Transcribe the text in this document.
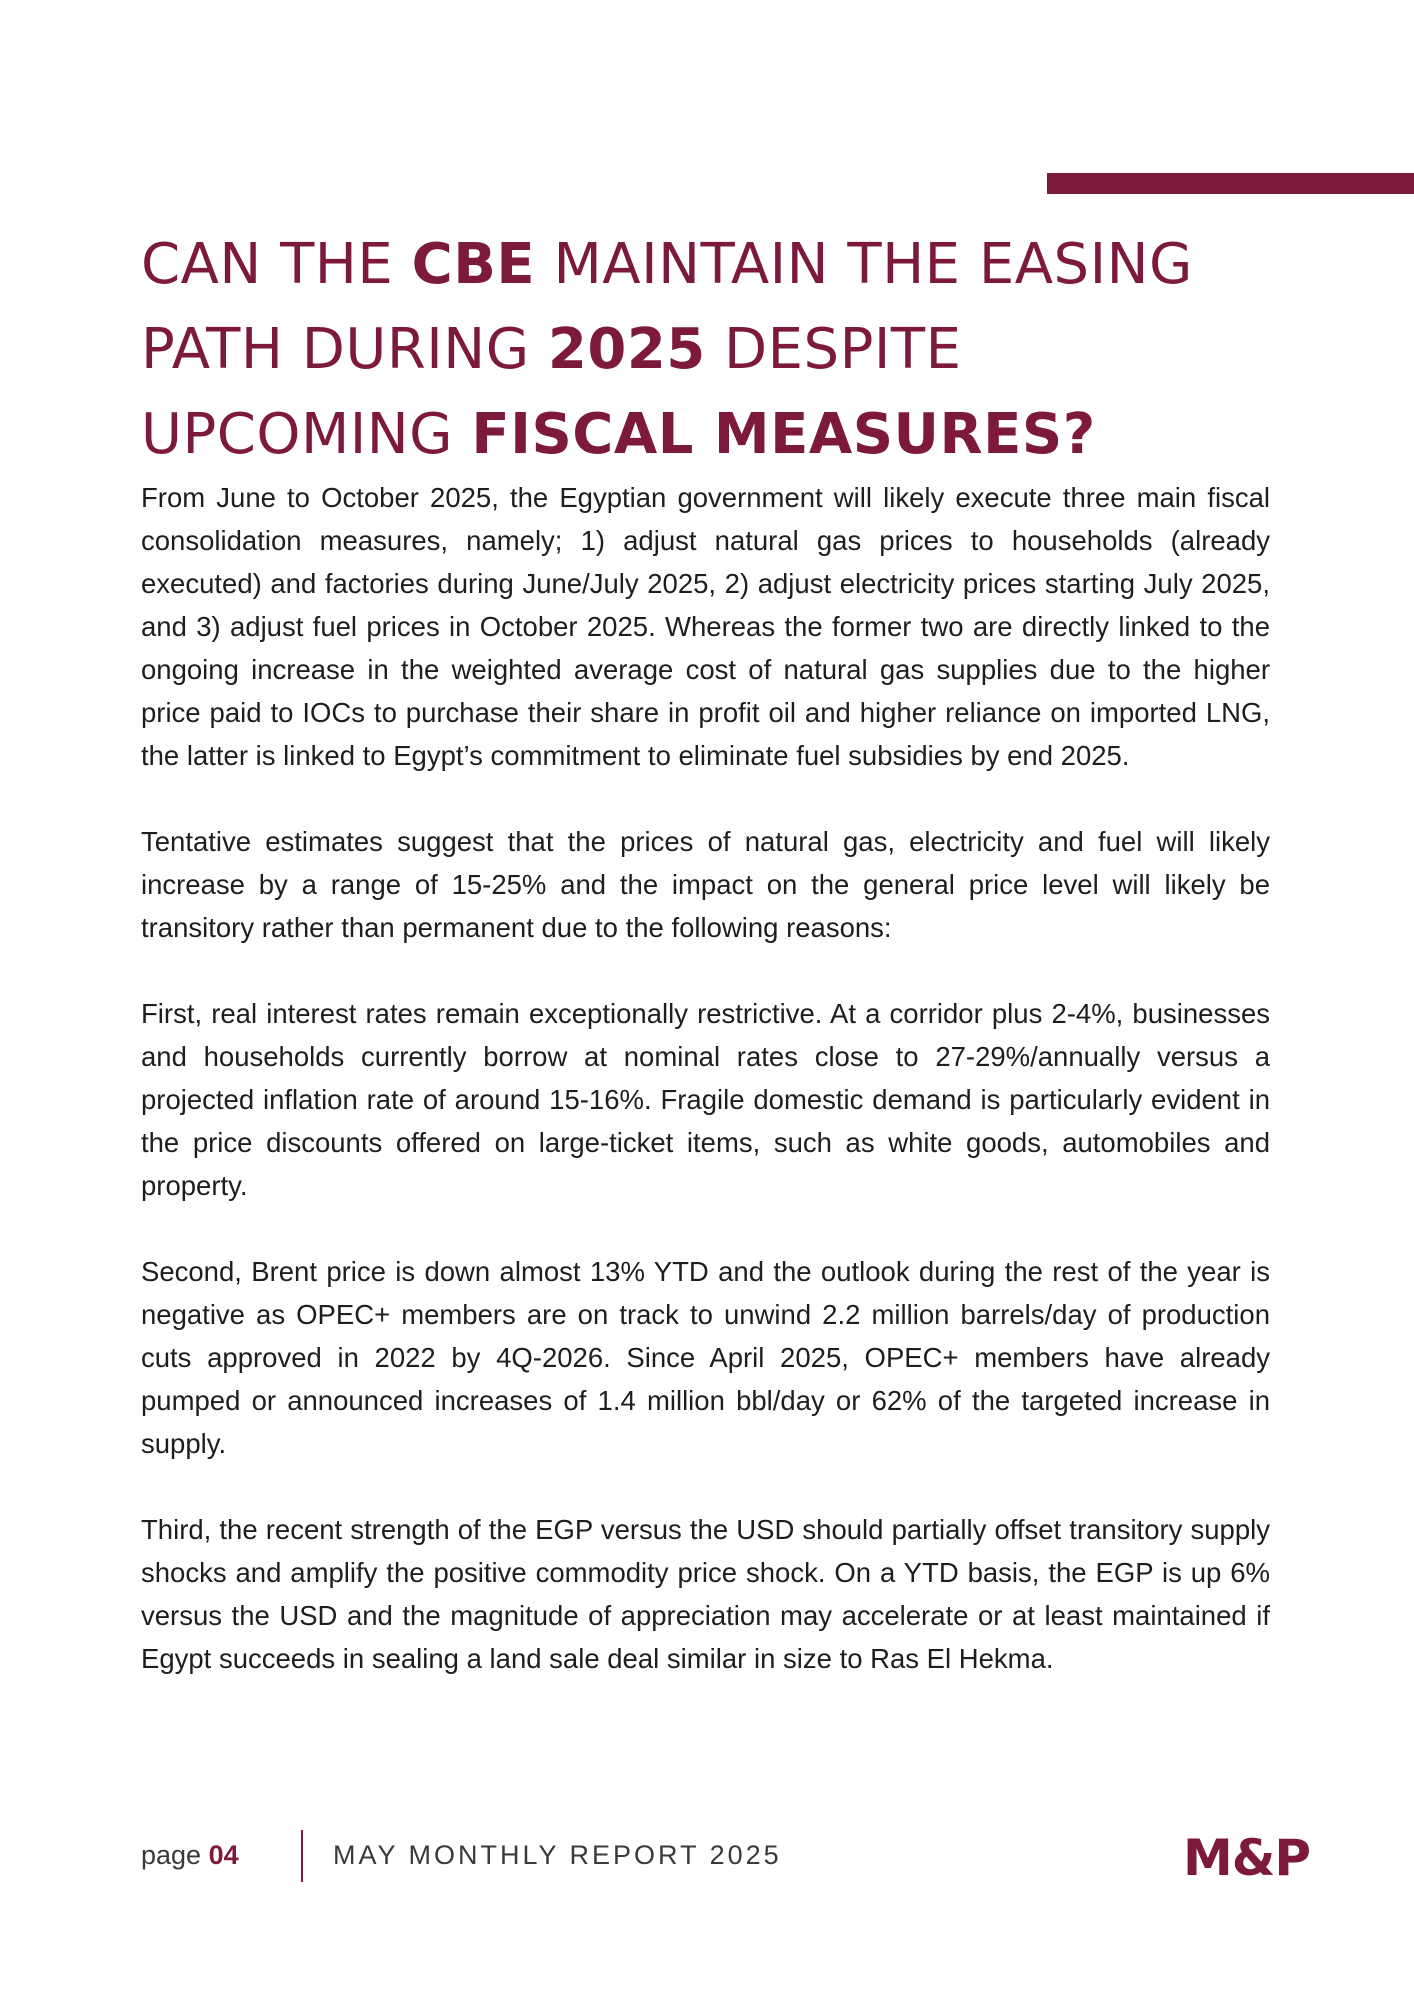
CAN THE CBE MAINTAIN THE EASING PATH DURING 2025 DESPITE UPCOMING FISCAL MEASURES?

From June to October 2025, the Egyptian government will likely execute three main fiscal consolidation measures, namely; 1) adjust natural gas prices to households (already executed) and factories during June/July 2025, 2) adjust electricity prices starting July 2025, and 3) adjust fuel prices in October 2025. Whereas the former two are directly linked to the ongoing increase in the weighted average cost of natural gas supplies due to the higher price paid to IOCs to purchase their share in profit oil and higher reliance on imported LNG, the latter is linked to Egypt’s commitment to eliminate fuel subsidies by end 2025.

Tentative estimates suggest that the prices of natural gas, electricity and fuel will likely increase by a range of 15-25% and the impact on the general price level will likely be transitory rather than permanent due to the following reasons:

First, real interest rates remain exceptionally restrictive. At a corridor plus 2-4%, businesses and households currently borrow at nominal rates close to 27-29%/annually versus a projected inflation rate of around 15-16%. Fragile domestic demand is particularly evident in the price discounts offered on large-ticket items, such as white goods, automobiles and property.

Second, Brent price is down almost 13% YTD and the outlook during the rest of the year is negative as OPEC+ members are on track to unwind 2.2 million barrels/day of production cuts approved in 2022 by 4Q-2026. Since April 2025, OPEC+ members have already pumped or announced increases of 1.4 million bbl/day or 62% of the targeted increase in supply.

Third, the recent strength of the EGP versus the USD should partially offset transitory supply shocks and amplify the positive commodity price shock. On a YTD basis, the EGP is up 6% versus the USD and the magnitude of appreciation may accelerate or at least maintained if Egypt succeeds in sealing a land sale deal similar in size to Ras El Hekma.

page 04	MAY MONTHLY REPORT 2025	M&P
